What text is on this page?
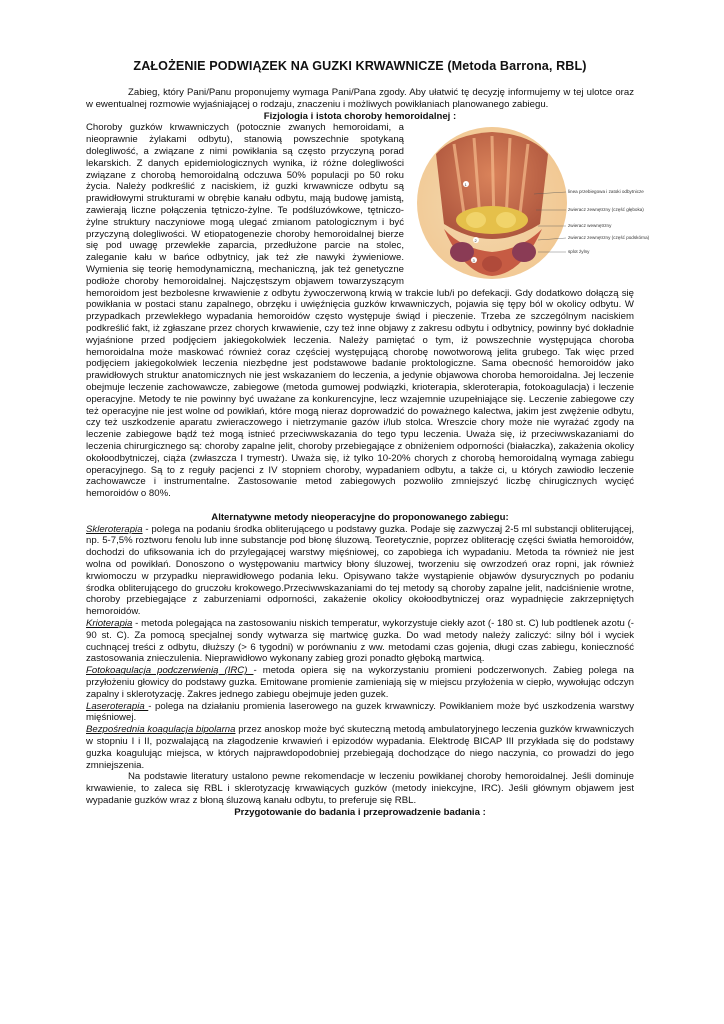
ZAŁOŻENIE PODWIĄZEK NA GUZKI KRWAWNICZE (Metoda Barrona, RBL)

Zabieg, który Pani/Panu proponujemy wymaga Pani/Pana zgody. Aby ułatwić tę decyzję informujemy w tej ulotce oraz w ewentualnej rozmowie wyjaśniającej o rodzaju, znaczeniu i możliwych powikłaniach planowanego zabiegu.

Fizjologia i istota choroby hemoroidalnej :

1
2
3
linea przebiegowa i zatoki odbytnicze
zwieracz zewnętrzny (część głęboka)
zwieracz wewnętrzny
zwieracz zewnętrzny (część podskórna)
splot żylny

Choroby guzków krwawniczych (potocznie zwanych hemoroidami, a nieoprawnie żylakami odbytu), stanowią powszechnie spotykaną dolegliwość, a związane z nimi powikłania są często przyczyną porad lekarskich. Z danych epidemiologicznych wynika, iż różne dolegliwości związane z chorobą hemoroidalną odczuwa 50% populacji po 50 roku życia. Należy podkreślić z naciskiem, iż guzki krwawnicze odbytu są prawidłowymi strukturami w obrębie kanału odbytu, mają budowę jamistą, zawierają liczne połączenia tętniczo-żylne. Te podśluzówkowe, tętniczo-żylne struktury naczyniowe mogą ulegać zmianom patologicznym i być przyczyną dolegliwości. W etiopatogenezie choroby hemoroidalnej bierze się pod uwagę przewlekłe zaparcia, przedłużone parcie na stolec, zaleganie kału w bańce odbytnicy, jak też złe nawyki żywieniowe. Wymienia się teorię hemodynamiczną, mechaniczną, jak też genetyczne podłoże choroby hemoroidalnej. Najczęstszym objawem towarzyszącym hemoroidom jest bezbolesne krwawienie z odbytu żywoczerwoną krwią w trakcie lub/i po defekacji. Gdy dodatkowo dołączą się powikłania w postaci stanu zapalnego, obrzęku i uwięźnięcia guzków krwawniczych, pojawia się tępy ból w okolicy odbytu. W przypadkach przewlekłego wypadania hemoroidów często występuje świąd i pieczenie. Trzeba ze szczególnym naciskiem podkreślić fakt, iż zgłaszane przez chorych krwawienie, czy też inne objawy z zakresu odbytu i odbytnicy, powinny być dokładnie wyjaśnione przed podjęciem jakiegokolwiek leczenia. Należy pamiętać o tym, iż powszechnie występująca choroba hemoroidalna może maskować również coraz częściej występującą chorobę nowotworową jelita grubego. Tak więc przed podjęciem jakiegokolwiek leczenia niezbędne jest podstawowe badanie proktologiczne. Sama obecność hemoroidów jako prawidłowych struktur anatomicznych nie jest wskazaniem do leczenia, a jedynie objawowa choroba hemoroidalna. Jej leczenie obejmuje leczenie zachowawcze, zabiegowe (metoda gumowej podwiązki, krioterapia, skleroterapia, fotokoagulacja) i leczenie operacyjne. Metody te nie powinny być uważane za konkurencyjne, lecz wzajemnie uzupełniające się. Leczenie zabiegowe czy też operacyjne nie jest wolne od powikłań, które mogą nieraz doprowadzić do poważnego kalectwa, jakim jest zwężenie odbytu, czy też uszkodzenie aparatu zwieraczowego i nietrzymanie gazów i/lub stolca. Wreszcie chory może nie wyrażać zgody na leczenie zabiegowe bądź też mogą istnieć przeciwwskazania do tego typu leczenia. Uważa się, iż przeciwwskazaniami do leczenia chirurgicznego są: choroby zapalne jelit, choroby przebiegające z obniżeniem odporności (białaczka), zakażenia okolicy okołoodbytniczej, ciąża (zwłaszcza I trymestr). Uważa się, iż tylko 10-20% chorych z chorobą hemoroidalną wymaga zabiegu operacyjnego. Są to z reguły pacjenci z IV stopniem choroby, wypadaniem odbytu, a także ci, u których zawiodło leczenie zachowawcze i instrumentalne. Zastosowanie metod zabiegowych pozwoliło zmniejszyć liczbę chirugicznych wycięć hemoroidów o 80%.

Alternatywne metody nieoperacyjne do proponowanego zabiegu:

Skleroterapia - polega na podaniu środka obliterującego u podstawy guzka. Podaje się zazwyczaj 2-5 ml substancji obliterującej, np. 5-7,5% roztworu fenolu lub inne substancje pod błonę śluzową. Teoretycznie, poprzez obliterację części światła hemoroidów, dochodzi do ufiksowania ich do przylegającej warstwy mięśniowej, co zapobiega ich wypadaniu. Metoda ta również nie jest wolna od powikłań. Donoszono o występowaniu martwicy błony śluzowej, tworzeniu się owrzodzeń oraz ropni, jak również krwiomoczu w przypadku nieprawidłowego podania leku. Opisywano także wystąpienie objawów dysurycznych po podaniu środka obliterującego do gruczołu krokowego.Przeciwwskazaniami do tej metody są choroby zapalne jelit, nadciśnienie wrotne, choroby przebiegające z zaburzeniami odporności, zakażenie okolicy okołoodbytniczej oraz wypadnięcie zakrzepniętych hemoroidów.

Krioterapia - metoda polegająca na zastosowaniu niskich temperatur, wykorzystuje ciekły azot (- 180 st. C) lub podtlenek azotu (- 90 st. C). Za pomocą specjalnej sondy wytwarza się martwicę guzka. Do wad metody należy zaliczyć: silny ból i wyciek cuchnącej treści z odbytu, dłuższy (> 6 tygodni) w porównaniu z ww. metodami czas gojenia, długi czas zabiegu, konieczność zastosowania znieczulenia. Nieprawidłowo wykonany zabieg grozi ponadto głęboką martwicą.

Fotokoagulacja podczerwienią (IRC) - metoda opiera się na wykorzystaniu promieni podczerwonych. Zabieg polega na przyłożeniu głowicy do podstawy guzka. Emitowane promienie zamieniają się w miejscu przyłożenia w ciepło, wywołując odczyn zapalny i sklerotyzację. Zakres jednego zabiegu obejmuje jeden guzek.

Laseroterapia - polega na działaniu promienia laserowego na guzek krwawniczy. Powikłaniem może być uszkodzenia warstwy mięśniowej.

Bezpośrednia koagulacja bipolarna przez anoskop może być skuteczną metodą ambulatoryjnego leczenia guzków krwawniczych w stopniu I i II, pozwalającą na złagodzenie krwawień i epizodów wypadania. Elektrodę BICAP III przykłada się do podstawy guzka koagulując miejsca, w których najprawdopodobniej przebiegają dochodzące do niego naczynia, co prowadzi do jego zmniejszenia.

Na podstawie literatury ustalono pewne rekomendacje w leczeniu powikłanej choroby hemoroidalnej. Jeśli dominuje krwawienie, to zaleca się RBL i sklerotyzację krwawiących guzków (metody iniekcyjne, IRC). Jeśli głównym objawem jest wypadanie guzków wraz z błoną śluzową kanału odbytu, to preferuje się RBL.

Przygotowanie do badania i przeprowadzenie badania :
